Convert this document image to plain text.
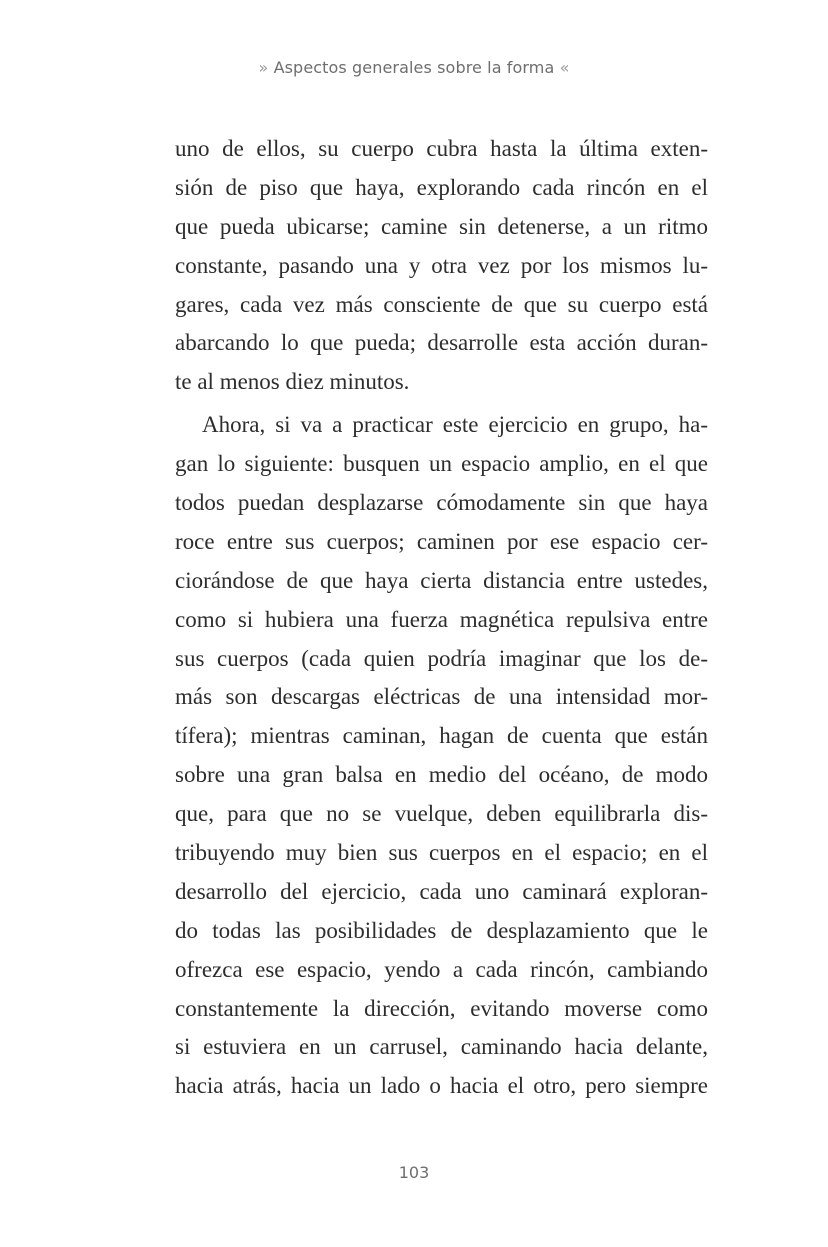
» Aspectos generales sobre la forma «
uno de ellos, su cuerpo cubra hasta la última exten-
sión de piso que haya, explorando cada rincón en el
que pueda ubicarse; camine sin detenerse, a un ritmo
constante, pasando una y otra vez por los mismos lu-
gares, cada vez más consciente de que su cuerpo está
abarcando lo que pueda; desarrolle esta acción duran-
te al menos diez minutos.
Ahora, si va a practicar este ejercicio en grupo, ha-
gan lo siguiente: busquen un espacio amplio, en el que
todos puedan desplazarse cómodamente sin que haya
roce entre sus cuerpos; caminen por ese espacio cer-
ciorándose de que haya cierta distancia entre ustedes,
como si hubiera una fuerza magnética repulsiva entre
sus cuerpos (cada quien podría imaginar que los de-
más son descargas eléctricas de una intensidad mor-
tífera); mientras caminan, hagan de cuenta que están
sobre una gran balsa en medio del océano, de modo
que, para que no se vuelque, deben equilibrarla dis-
tribuyendo muy bien sus cuerpos en el espacio; en el
desarrollo del ejercicio, cada uno caminará exploran-
do todas las posibilidades de desplazamiento que le
ofrezca ese espacio, yendo a cada rincón, cambiando
constantemente la dirección, evitando moverse como
si estuviera en un carrusel, caminando hacia delante,
hacia atrás, hacia un lado o hacia el otro, pero siempre
103
